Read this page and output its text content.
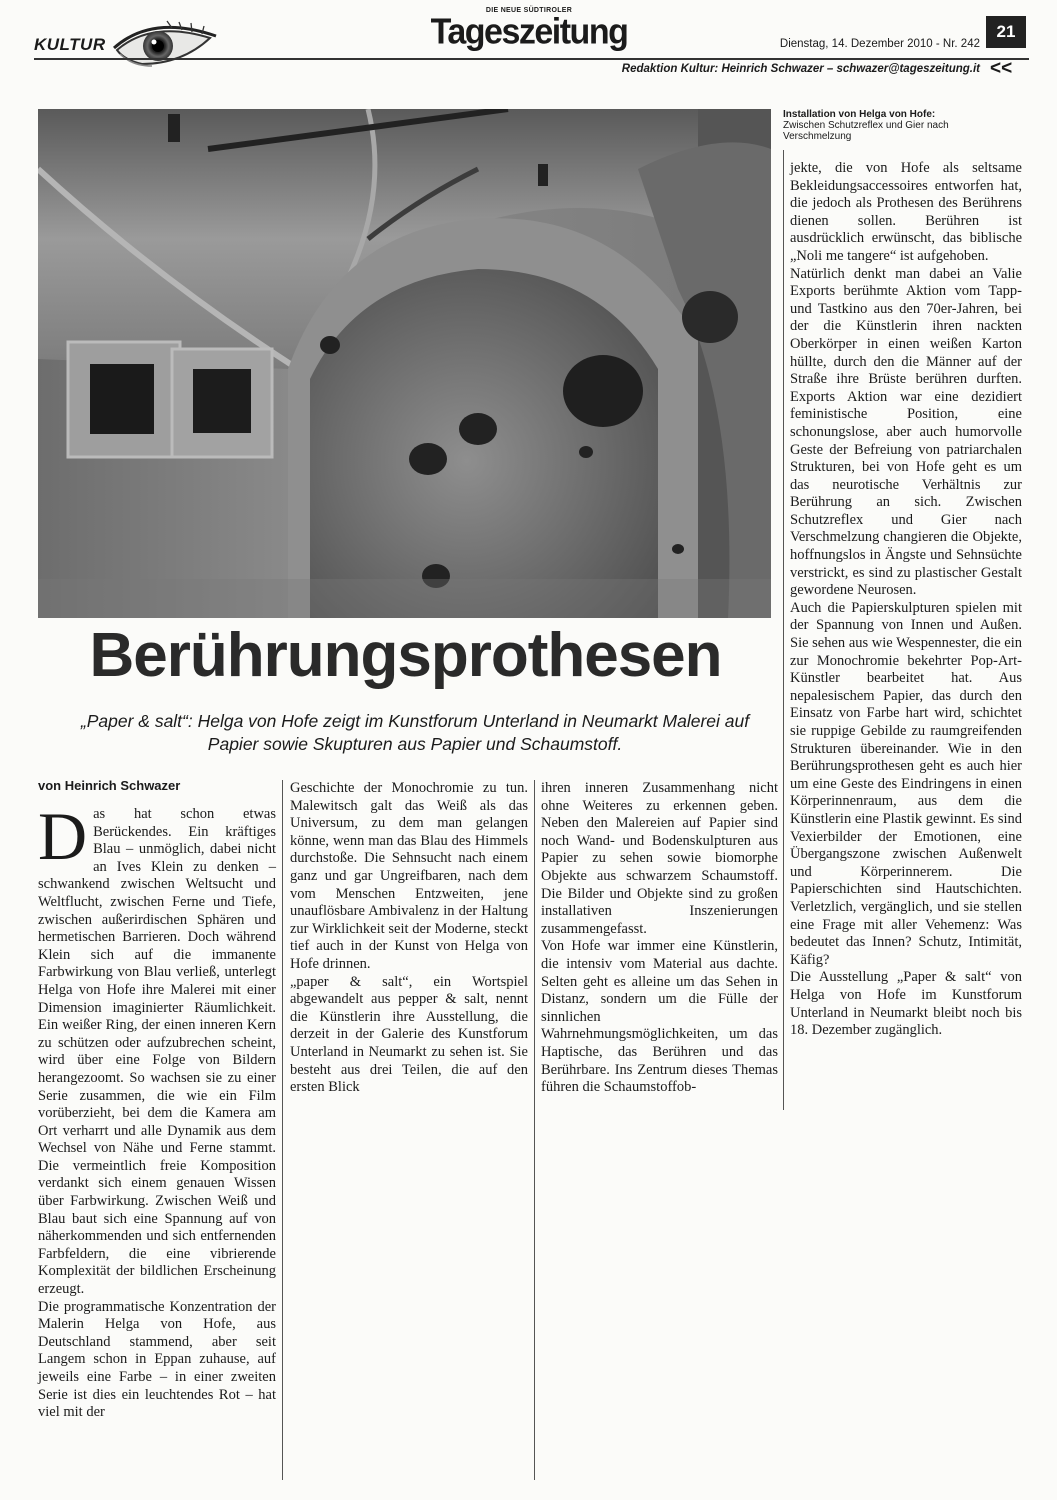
KULTUR
DIE NEUE SÜDTIROLER
Tageszeitung	Dienstag, 14. Dezember 2010 - Nr. 242
21
Redaktion Kultur: Heinrich Schwazer – schwazer@tageszeitung.it <<
Installation von Helga von Hofe:
Zwischen Schutzreflex und Gier nach Verschmelzung
Berührungsprothesen
„Paper & salt“: Helga von Hofe zeigt im Kunstforum Unterland in Neumarkt Malerei auf Papier sowie Skupturen aus Papier und Schaumstoff.
von Heinrich Schwazer

Das hat schon etwas Berückendes. Ein kräftiges Blau – unmöglich, dabei nicht an Ives Klein zu denken – schwankend zwischen Weltsucht und Weltflucht, zwischen Ferne und Tiefe, zwischen außerirdischen Sphären und hermetischen Barrieren. Doch während Klein sich auf die immanente Farbwirkung von Blau verließ, unterlegt Helga von Hofe ihre Malerei mit einer Dimension imaginierter Räumlichkeit. Ein weißer Ring, der einen inneren Kern zu schützen oder aufzubrechen scheint, wird über eine Folge von Bildern herangezoomt. So wachsen sie zu einer Serie zusammen, die wie ein Film vorüberzieht, bei dem die Kamera am Ort verharrt und alle Dynamik aus dem Wechsel von Nähe und Ferne stammt. Die vermeintlich freie Komposition verdankt sich einem genauen Wissen über Farbwirkung. Zwischen Weiß und Blau baut sich eine Spannung auf von näherkommenden und sich entfernenden Farbfeldern, die eine vibrierende Komplexität der bildlichen Erscheinung erzeugt.

Die programmatische Konzentration der Malerin Helga von Hofe, aus Deutschland stammend, aber seit Langem schon in Eppan zuhause, auf jeweils eine Farbe – in einer zweiten Serie ist dies ein leuchtendes Rot – hat viel mit der

Geschichte der Monochromie zu tun. Malewitsch galt das Weiß als das Universum, zu dem man gelangen könne, wenn man das Blau des Himmels durchstoße. Die Sehnsucht nach einem ganz und gar Ungreifbaren, nach dem vom Menschen Entzweiten, jene unauflösbare Ambivalenz in der Haltung zur Wirklichkeit seit der Moderne, steckt tief auch in der Kunst von Helga von Hofe drinnen.

„paper & salt“, ein Wortspiel abgewandelt aus pepper & salt, nennt die Künstlerin ihre Ausstellung, die derzeit in der Galerie des Kunstforum Unterland in Neumarkt zu sehen ist. Sie besteht aus drei Teilen, die auf den ersten Blick

ihren inneren Zusammenhang nicht ohne Weiteres zu erkennen geben. Neben den Malereien auf Papier sind noch Wand- und Bodenskulpturen aus Papier zu sehen sowie biomorphe Objekte aus schwarzem Schaumstoff. Die Bilder und Objekte sind zu großen installativen Inszenierungen zusammengefasst.

Von Hofe war immer eine Künstlerin, die intensiv vom Material aus dachte. Selten geht es alleine um das Sehen in Distanz, sondern um die Fülle der sinnlichen Wahrnehmungsmöglichkeiten, um das Haptische, das Berühren und das Berührbare. Ins Zentrum dieses Themas führen die Schaumstoffob-

jekte, die von Hofe als seltsame Bekleidungsaccessoires entworfen hat, die jedoch als Prothesen des Berührens dienen sollen. Berühren ist ausdrücklich erwünscht, das biblische „Noli me tangere“ ist aufgehoben.

Natürlich denkt man dabei an Valie Exports berühmte Aktion vom Tapp- und Tastkino aus den 70er-Jahren, bei der die Künstlerin ihren nackten Oberkörper in einen weißen Karton hüllte, durch den die Männer auf der Straße ihre Brüste berühren durften. Exports Aktion war eine dezidiert feministische Position, eine schonungslose, aber auch humorvolle Geste der Befreiung von patriarchalen Strukturen, bei von Hofe geht es um das neurotische Verhältnis zur Berührung an sich. Zwischen Schutzreflex und Gier nach Verschmelzung changieren die Objekte, hoffnungslos in Ängste und Sehnsüchte verstrickt, es sind zu plastischer Gestalt gewordene Neurosen.

Auch die Papierskulpturen spielen mit der Spannung von Innen und Außen. Sie sehen aus wie Wespennester, die ein zur Monochromie bekehrter Pop-Art-Künstler bearbeitet hat. Aus nepalesischem Papier, das durch den Einsatz von Farbe hart wird, schichtet sie ruppige Gebilde zu raumgreifenden Strukturen übereinander. Wie in den Berührungsprothesen geht es auch hier um eine Geste des Eindringens in einen Körperinnenraum, aus dem die Künstlerin eine Plastik gewinnt. Es sind Vexierbilder der Emotionen, eine Übergangszone zwischen Außenwelt und Körperinnerem. Die Papierschichten sind Hautschichten. Verletzlich, vergänglich, und sie stellen eine Frage mit aller Vehemenz: Was bedeutet das Innen? Schutz, Intimität, Käfig?

Die Ausstellung „Paper & salt“ von Helga von Hofe im Kunstforum Unterland in Neumarkt bleibt noch bis 18. Dezember zugänglich.
